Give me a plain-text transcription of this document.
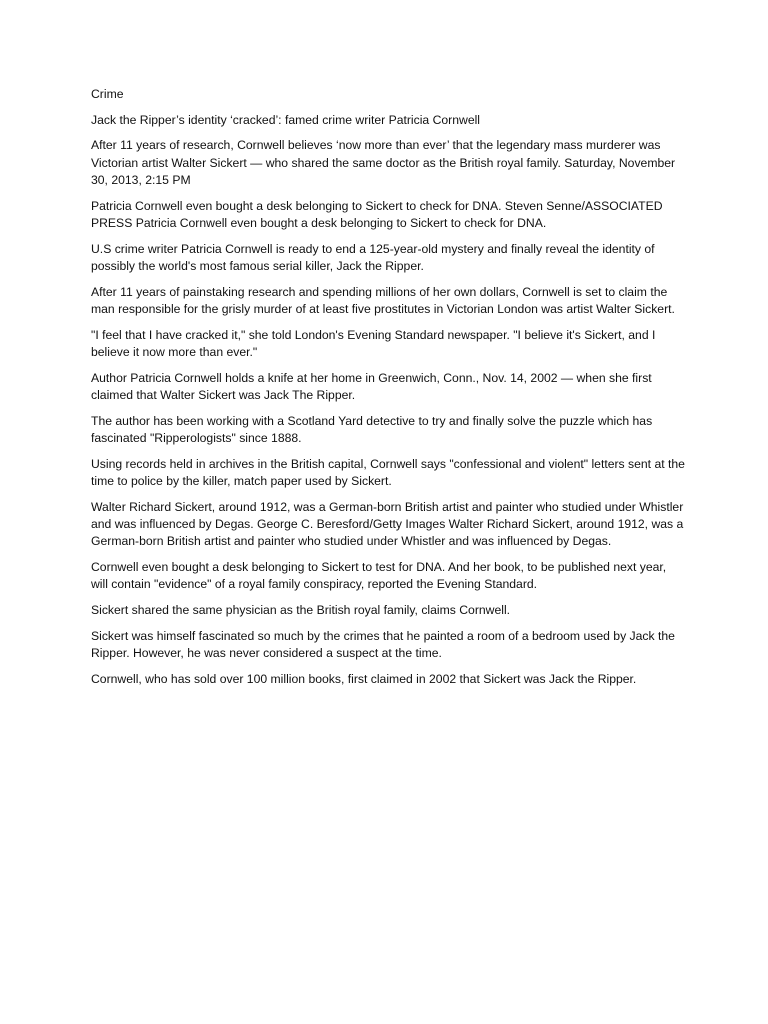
Crime

Jack the Ripper’s identity ‘cracked’: famed crime writer Patricia Cornwell

After 11 years of research, Cornwell believes ‘now more than ever’ that the legendary mass murderer was Victorian artist Walter Sickert — who shared the same doctor as the British royal family. Saturday, November 30, 2013, 2:15 PM

Patricia Cornwell even bought a desk belonging to Sickert to check for DNA. Steven Senne/ASSOCIATED PRESS Patricia Cornwell even bought a desk belonging to Sickert to check for DNA.

U.S crime writer Patricia Cornwell is ready to end a 125-year-old mystery and finally reveal the identity of possibly the world's most famous serial killer, Jack the Ripper.

After 11 years of painstaking research and spending millions of her own dollars, Cornwell is set to claim the man responsible for the grisly murder of at least five prostitutes in Victorian London was artist Walter Sickert.

"I feel that I have cracked it," she told London's Evening Standard newspaper. "I believe it's Sickert, and I believe it now more than ever."

Author Patricia Cornwell holds a knife at her home in Greenwich, Conn., Nov. 14, 2002 — when she first claimed that Walter Sickert was Jack The Ripper.

The author has been working with a Scotland Yard detective to try and finally solve the puzzle which has fascinated "Ripperologists" since 1888.

Using records held in archives in the British capital, Cornwell says "confessional and violent" letters sent at the time to police by the killer, match paper used by Sickert.

Walter Richard Sickert, around 1912, was a German-born British artist and painter who studied under Whistler and was influenced by Degas. George C. Beresford/Getty Images Walter Richard Sickert, around 1912, was a German-born British artist and painter who studied under Whistler and was influenced by Degas.

Cornwell even bought a desk belonging to Sickert to test for DNA. And her book, to be published next year, will contain "evidence" of a royal family conspiracy, reported the Evening Standard.

Sickert shared the same physician as the British royal family, claims Cornwell.

Sickert was himself fascinated so much by the crimes that he painted a room of a bedroom used by Jack the Ripper. However, he was never considered a suspect at the time.

Cornwell, who has sold over 100 million books, first claimed in 2002 that Sickert was Jack the Ripper.
